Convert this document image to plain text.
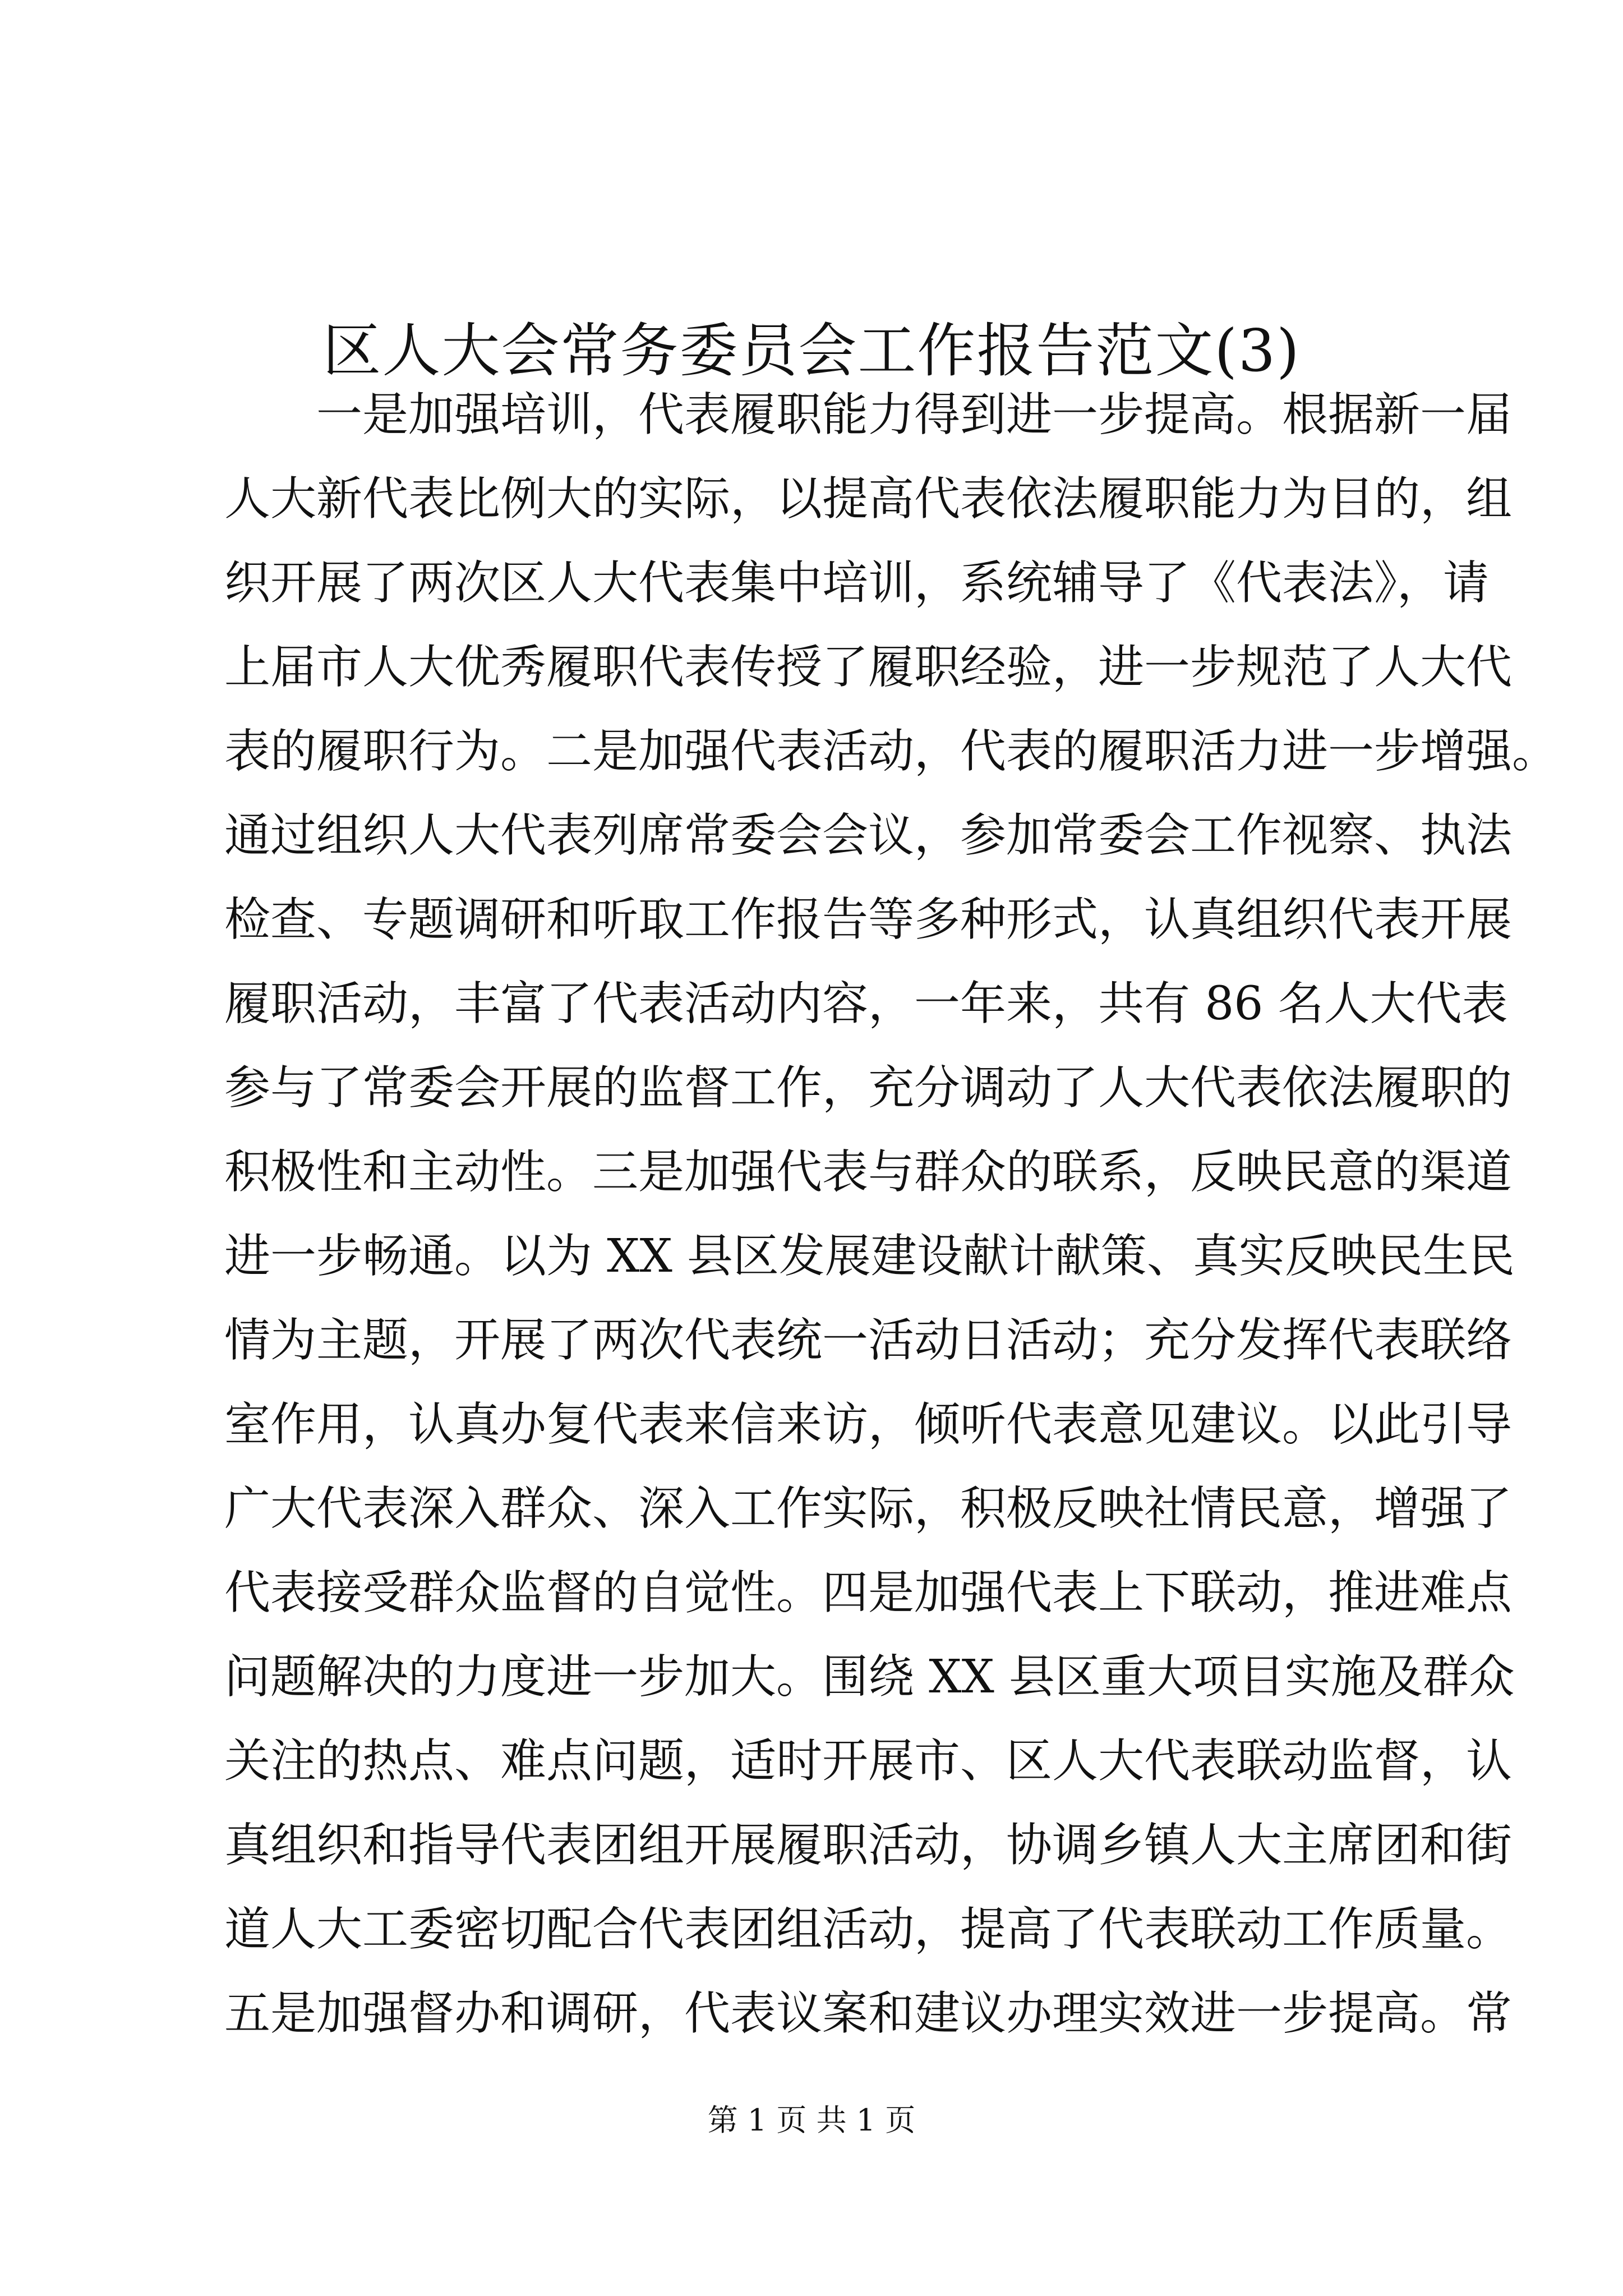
区人大会常务委员会工作报告范文(3)
一是加强培训，代表履职能力得到进一步提高。根据新一届
人大新代表比例大的实际，以提高代表依法履职能力为目的，组
织开展了两次区人大代表集中培训，系统辅导了《代表法》，请
上届市人大优秀履职代表传授了履职经验，进一步规范了人大代
表的履职行为。二是加强代表活动，代表的履职活力进一步增强。
通过组织人大代表列席常委会会议，参加常委会工作视察、执法
检查、专题调研和听取工作报告等多种形式，认真组织代表开展
履职活动，丰富了代表活动内容，一年来，共有 86 名人大代表
参与了常委会开展的监督工作，充分调动了人大代表依法履职的
积极性和主动性。三是加强代表与群众的联系，反映民意的渠道
进一步畅通。以为 XX 县区发展建设献计献策、真实反映民生民
情为主题，开展了两次代表统一活动日活动；充分发挥代表联络
室作用，认真办复代表来信来访，倾听代表意见建议。以此引导
广大代表深入群众、深入工作实际，积极反映社情民意，增强了
代表接受群众监督的自觉性。四是加强代表上下联动，推进难点
问题解决的力度进一步加大。围绕 XX 县区重大项目实施及群众
关注的热点、难点问题，适时开展市、区人大代表联动监督，认
真组织和指导代表团组开展履职活动，协调乡镇人大主席团和街
道人大工委密切配合代表团组活动，提高了代表联动工作质量。
五是加强督办和调研，代表议案和建议办理实效进一步提高。常
第 1 页 共 1 页
